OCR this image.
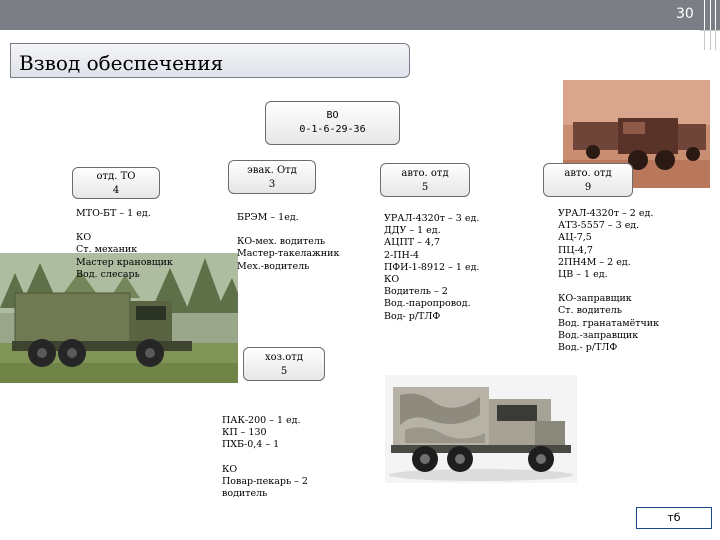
30
Взвод обеспечения
ВО
0-1-6-29-36
отд. ТО
4
МТО-БТ – 1 ед.
КО
Ст. механик
Мастер крановщик
Вод. слесарь
эвак. Отд
3
БРЭМ – 1ед.
КО-мех. водитель
Мастер-такелажник
Мех.-водитель
авто. отд
5
УРАЛ-4320т – 3 ед.
ДДУ – 1 ед.
АЦПТ – 4,7
2-ПН-4
ПФИ-1-8912 – 1 ед.
КО
Водитель – 2
Вод.-паропровод.
Вод- р/ТЛФ
авто. отд
9
УРАЛ-4320т – 2 ед.
АТЗ-5557 – 3 ед.
АЦ-7,5
ПЦ-4,7
2ПН4М – 2 ед.
ЦВ – 1 ед.
КО-заправщик
Ст. водитель
Вод. гранатамётчик
Вод.-заправщик
Вод.- р/ТЛФ
хоз.отд
5
ПАК-200 – 1 ед.
КП – 130
ПХБ-0,4 – 1
КО
Повар-пекарь – 2
водитель
тб
